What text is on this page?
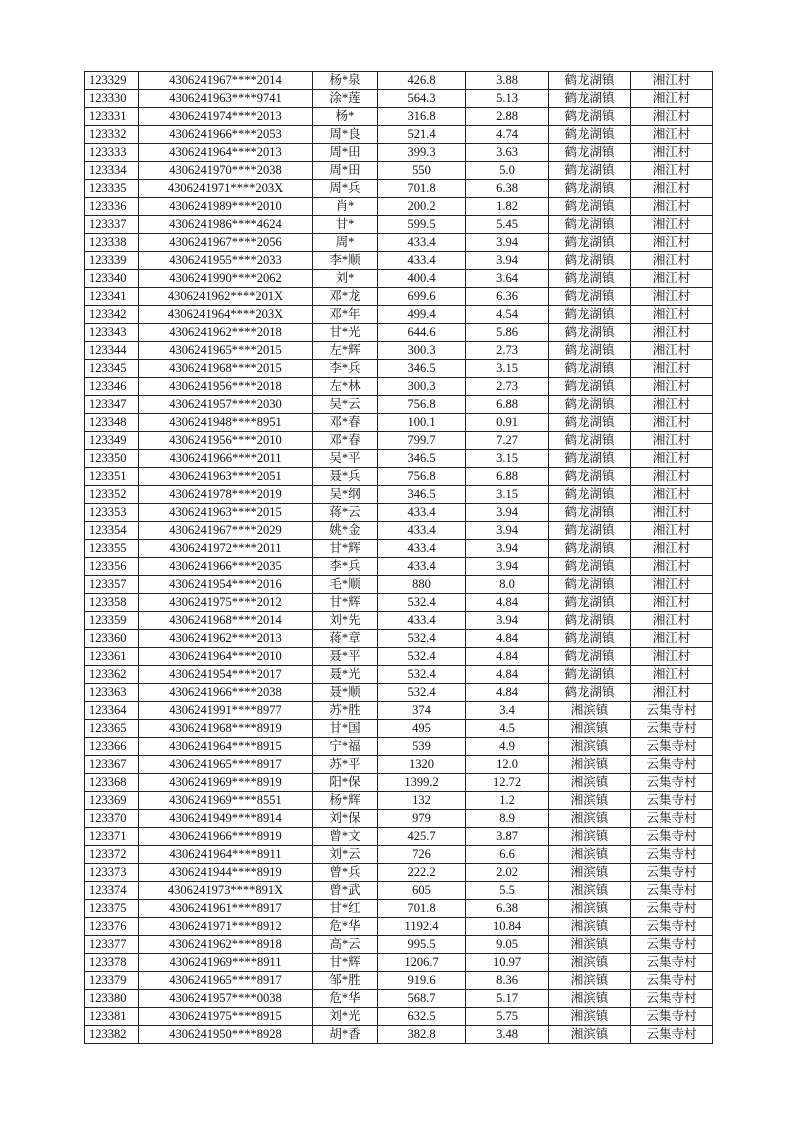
123329	4306241967****2014	杨*泉	426.8	3.88	鹤龙湖镇	湘江村
123330	4306241963****9741	涂*莲	564.3	5.13	鹤龙湖镇	湘江村
123331	4306241974****2013	杨*	316.8	2.88	鹤龙湖镇	湘江村
123332	4306241966****2053	周*良	521.4	4.74	鹤龙湖镇	湘江村
123333	4306241964****2013	周*田	399.3	3.63	鹤龙湖镇	湘江村
123334	4306241970****2038	周*田	550	5.0	鹤龙湖镇	湘江村
123335	4306241971****203X	周*兵	701.8	6.38	鹤龙湖镇	湘江村
123336	4306241989****2010	肖*	200.2	1.82	鹤龙湖镇	湘江村
123337	4306241986****4624	甘*	599.5	5.45	鹤龙湖镇	湘江村
123338	4306241967****2056	周*	433.4	3.94	鹤龙湖镇	湘江村
123339	4306241955****2033	李*顺	433.4	3.94	鹤龙湖镇	湘江村
123340	4306241990****2062	刘*	400.4	3.64	鹤龙湖镇	湘江村
123341	4306241962****201X	邓*龙	699.6	6.36	鹤龙湖镇	湘江村
123342	4306241964****203X	邓*年	499.4	4.54	鹤龙湖镇	湘江村
123343	4306241962****2018	甘*光	644.6	5.86	鹤龙湖镇	湘江村
123344	4306241965****2015	左*辉	300.3	2.73	鹤龙湖镇	湘江村
123345	4306241968****2015	李*兵	346.5	3.15	鹤龙湖镇	湘江村
123346	4306241956****2018	左*林	300.3	2.73	鹤龙湖镇	湘江村
123347	4306241957****2030	吴*云	756.8	6.88	鹤龙湖镇	湘江村
123348	4306241948****8951	邓*春	100.1	0.91	鹤龙湖镇	湘江村
123349	4306241956****2010	邓*春	799.7	7.27	鹤龙湖镇	湘江村
123350	4306241966****2011	吴*平	346.5	3.15	鹤龙湖镇	湘江村
123351	4306241963****2051	聂*兵	756.8	6.88	鹤龙湖镇	湘江村
123352	4306241978****2019	吴*纲	346.5	3.15	鹤龙湖镇	湘江村
123353	4306241963****2015	蒋*云	433.4	3.94	鹤龙湖镇	湘江村
123354	4306241967****2029	姚*金	433.4	3.94	鹤龙湖镇	湘江村
123355	4306241972****2011	甘*辉	433.4	3.94	鹤龙湖镇	湘江村
123356	4306241966****2035	李*兵	433.4	3.94	鹤龙湖镇	湘江村
123357	4306241954****2016	毛*顺	880	8.0	鹤龙湖镇	湘江村
123358	4306241975****2012	甘*辉	532.4	4.84	鹤龙湖镇	湘江村
123359	4306241968****2014	刘*先	433.4	3.94	鹤龙湖镇	湘江村
123360	4306241962****2013	蒋*章	532.4	4.84	鹤龙湖镇	湘江村
123361	4306241964****2010	聂*平	532.4	4.84	鹤龙湖镇	湘江村
123362	4306241954****2017	聂*光	532.4	4.84	鹤龙湖镇	湘江村
123363	4306241966****2038	聂*顺	532.4	4.84	鹤龙湖镇	湘江村
123364	4306241991****8977	苏*胜	374	3.4	湘滨镇	云集寺村
123365	4306241968****8919	甘*国	495	4.5	湘滨镇	云集寺村
123366	4306241964****8915	宁*福	539	4.9	湘滨镇	云集寺村
123367	4306241965****8917	苏*平	1320	12.0	湘滨镇	云集寺村
123368	4306241969****8919	阳*保	1399.2	12.72	湘滨镇	云集寺村
123369	4306241969****8551	杨*辉	132	1.2	湘滨镇	云集寺村
123370	4306241949****8914	刘*保	979	8.9	湘滨镇	云集寺村
123371	4306241966****8919	曾*文	425.7	3.87	湘滨镇	云集寺村
123372	4306241964****8911	刘*云	726	6.6	湘滨镇	云集寺村
123373	4306241944****8919	曾*兵	222.2	2.02	湘滨镇	云集寺村
123374	4306241973****891X	曾*武	605	5.5	湘滨镇	云集寺村
123375	4306241961****8917	甘*红	701.8	6.38	湘滨镇	云集寺村
123376	4306241971****8912	危*华	1192.4	10.84	湘滨镇	云集寺村
123377	4306241962****8918	高*云	995.5	9.05	湘滨镇	云集寺村
123378	4306241969****8911	甘*辉	1206.7	10.97	湘滨镇	云集寺村
123379	4306241965****8917	邹*胜	919.6	8.36	湘滨镇	云集寺村
123380	4306241957****0038	危*华	568.7	5.17	湘滨镇	云集寺村
123381	4306241975****8915	刘*光	632.5	5.75	湘滨镇	云集寺村
123382	4306241950****8928	胡*香	382.8	3.48	湘滨镇	云集寺村
